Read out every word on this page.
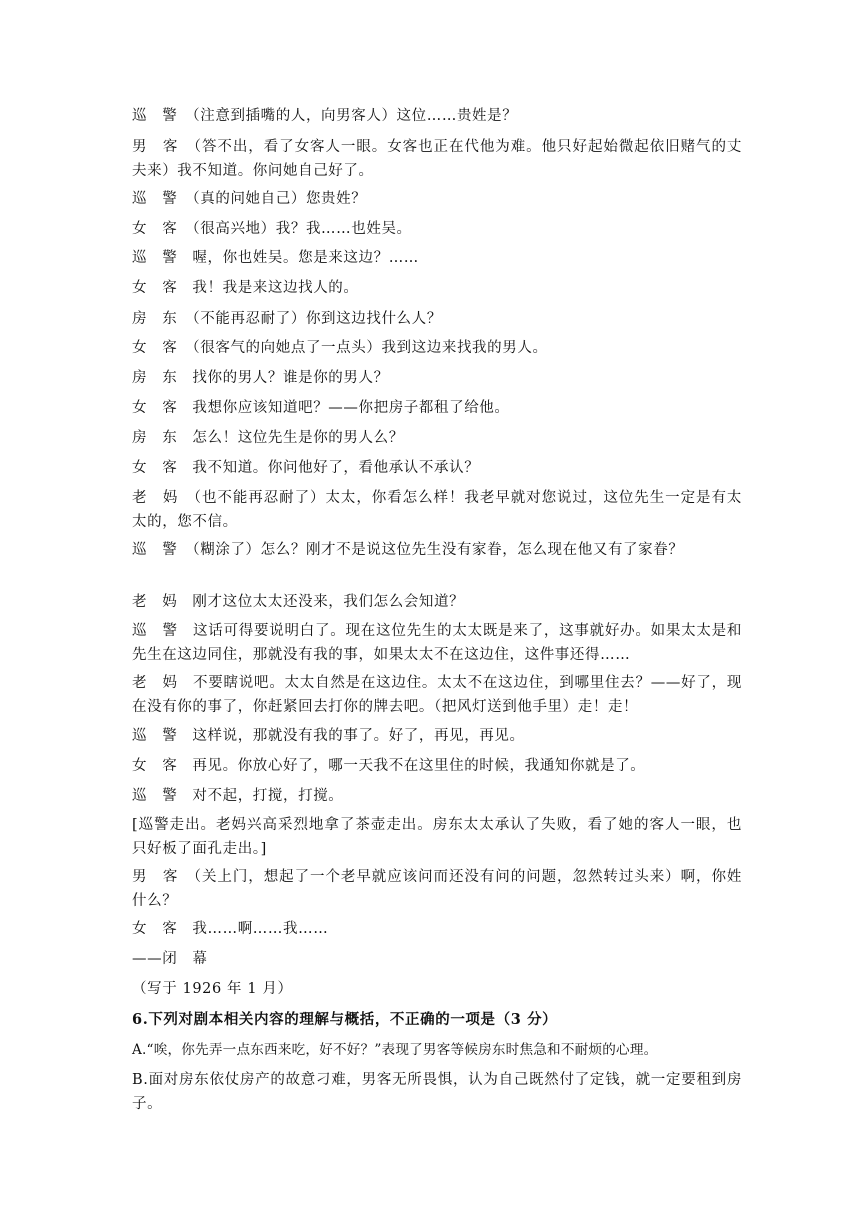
巡　警　（注意到插嘴的人，向男客人）这位……贵姓是？
男　客　（答不出，看了女客人一眼。女客也正在代他为难。他只好起始微起依旧赌气的丈夫来）我不知道。你问她自己好了。
巡　警　（真的问她自己）您贵姓？
女　客　（很高兴地）我？我……也姓吴。
巡　警　喔，你也姓吴。您是来这边？……
女　客　我！我是来这边找人的。
房　东　（不能再忍耐了）你到这边找什么人？
女　客　（很客气的向她点了一点头）我到这边来找我的男人。
房　东　找你的男人？谁是你的男人？
女　客　我想你应该知道吧？——你把房子都租了给他。
房　东　怎么！这位先生是你的男人么？
女　客　我不知道。你问他好了，看他承认不承认？
老　妈　（也不能再忍耐了）太太，你看怎么样！我老早就对您说过，这位先生一定是有太太的，您不信。
巡　警　（糊涂了）怎么？刚才不是说这位先生没有家眷，怎么现在他又有了家眷？
老　妈　刚才这位太太还没来，我们怎么会知道？
巡　警　这话可得要说明白了。现在这位先生的太太既是来了，这事就好办。如果太太是和先生在这边同住，那就没有我的事，如果太太不在这边住，这件事还得……
老　妈　不要瞎说吧。太太自然是在这边住。太太不在这边住，到哪里住去？——好了，现在没有你的事了，你赶紧回去打你的牌去吧。（把风灯送到他手里）走！走！
巡　警　这样说，那就没有我的事了。好了，再见，再见。
女　客　再见。你放心好了，哪一天我不在这里住的时候，我通知你就是了。
巡　警　对不起，打搅，打搅。
[巡警走出。老妈兴高采烈地拿了茶壶走出。房东太太承认了失败，看了她的客人一眼，也只好板了面孔走出。]
男　客　（关上门，想起了一个老早就应该问而还没有问的问题，忽然转过头来）啊，你姓什么？
女　客　我……啊……我……
——闭　幕
（写于 1926 年 1 月）
6.下列对剧本相关内容的理解与概括，不正确的一项是（3 分）
A.“唉，你先弄一点东西来吃，好不好？”表现了男客等候房东时焦急和不耐烦的心理。
B.面对房东依仗房产的故意刁难，男客无所畏惧，认为自己既然付了定钱，就一定要租到房子。
